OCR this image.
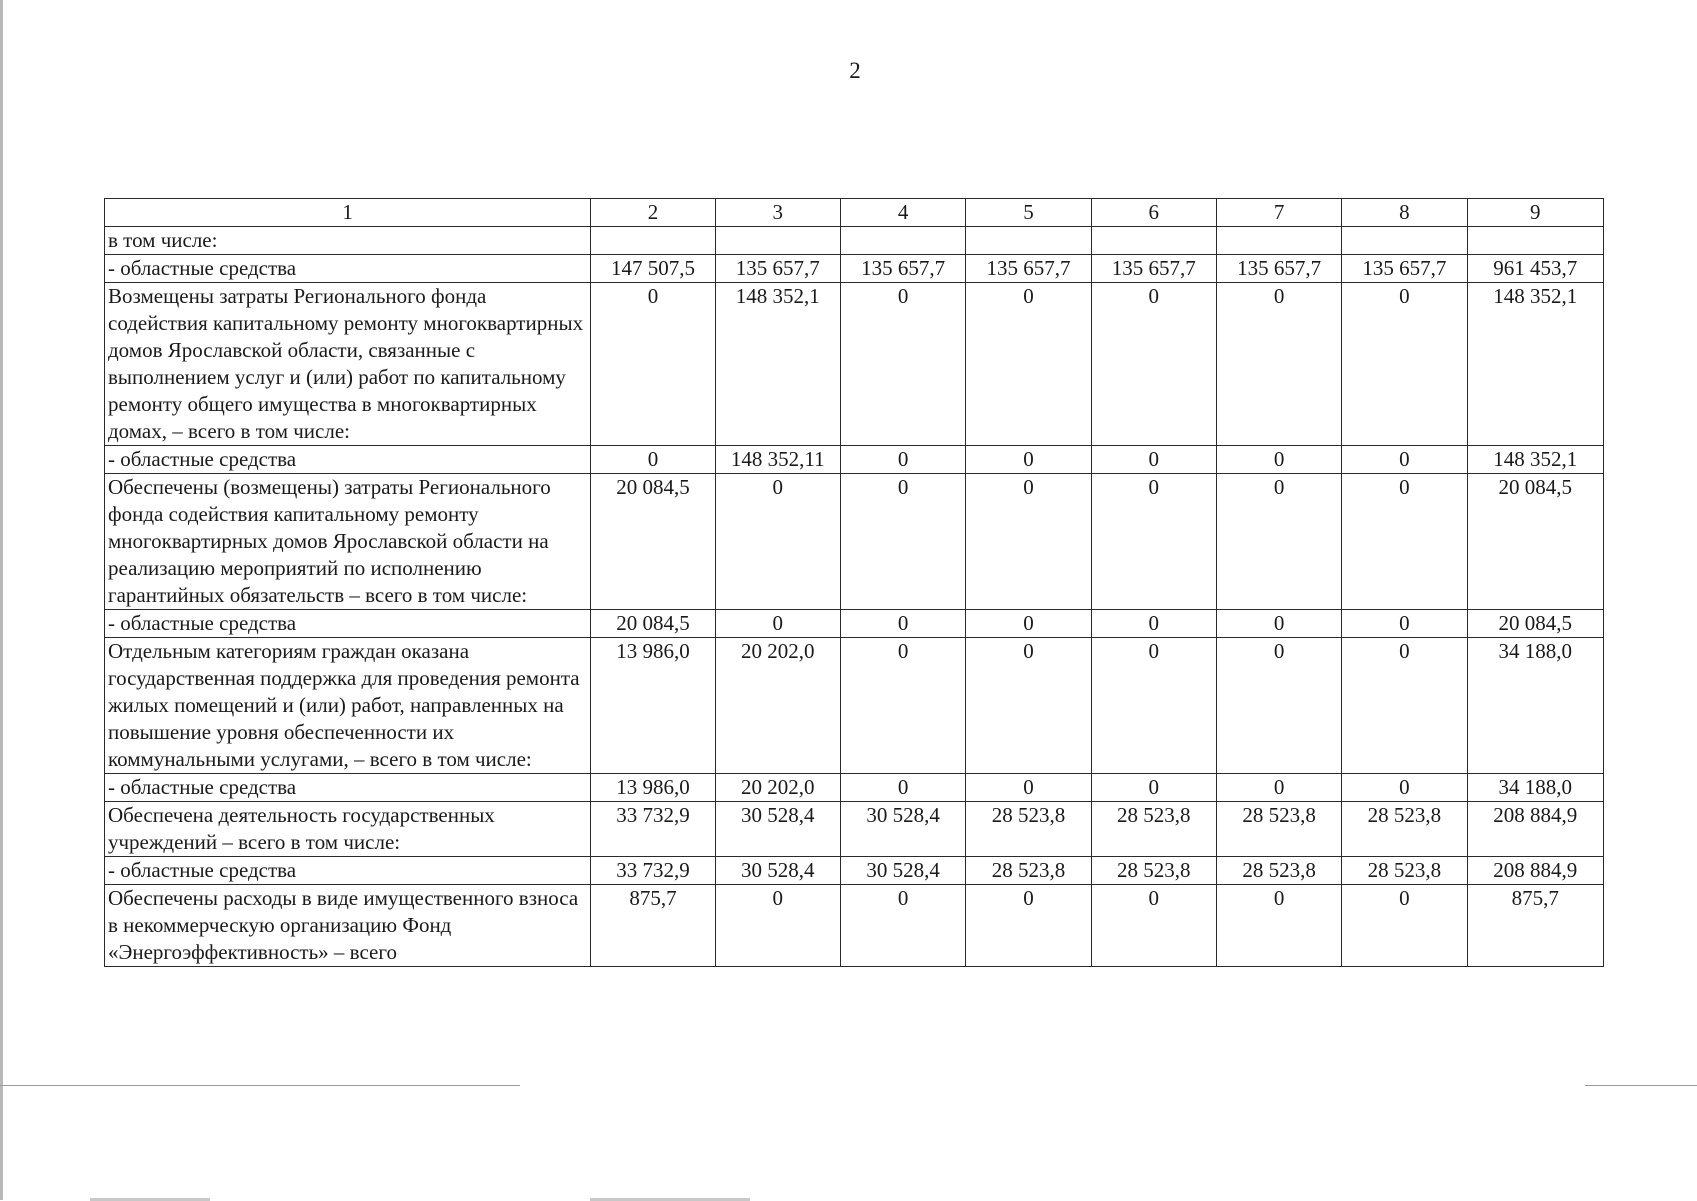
2
1	2	3	4	5	6	7	8	9
в том числе:								
- областные средства	147 507,5	135 657,7	135 657,7	135 657,7	135 657,7	135 657,7	135 657,7	961 453,7
Возмещены затраты Регионального фонда содействия капитальному ремонту многоквартирных домов Ярославской области, связанные с выполнением услуг и (или) работ по капитальному ремонту общего имущества в многоквартирных домах, – всего в том числе:	0	148 352,1	0	0	0	0	0	148 352,1
- областные средства	0	148 352,11	0	0	0	0	0	148 352,1
Обеспечены (возмещены) затраты Регионального фонда содействия капитальному ремонту многоквартирных домов Ярославской области на реализацию мероприятий по исполнению гарантийных обязательств – всего в том числе:	20 084,5	0	0	0	0	0	0	20 084,5
- областные средства	20 084,5	0	0	0	0	0	0	20 084,5
Отдельным категориям граждан оказана государственная поддержка для проведения ремонта жилых помещений и (или) работ, направленных на повышение уровня обеспеченности их коммунальными услугами, – всего в том числе:	13 986,0	20 202,0	0	0	0	0	0	34 188,0
- областные средства	13 986,0	20 202,0	0	0	0	0	0	34 188,0
Обеспечена деятельность государственных учреждений – всего в том числе:	33 732,9	30 528,4	30 528,4	28 523,8	28 523,8	28 523,8	28 523,8	208 884,9
- областные средства	33 732,9	30 528,4	30 528,4	28 523,8	28 523,8	28 523,8	28 523,8	208 884,9
Обеспечены расходы в виде имущественного взноса в некоммерческую организацию Фонд «Энергоэффективность» – всего	875,7	0	0	0	0	0	0	875,7
